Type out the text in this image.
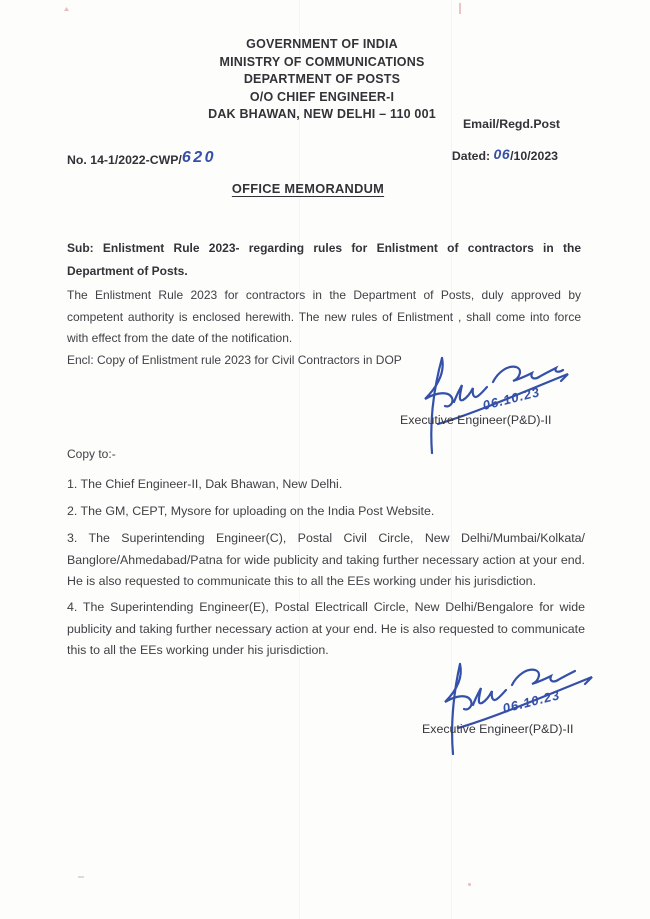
GOVERNMENT OF INDIA
MINISTRY OF COMMUNICATIONS
DEPARTMENT OF POSTS
O/O CHIEF ENGINEER-I
DAK BHAWAN, NEW DELHI – 110 001
Email/Regd.Post
No. 14-1/2022-CWP/620	Dated: 06/10/2023
OFFICE MEMORANDUM
Sub: Enlistment Rule 2023- regarding rules for Enlistment of contractors in the Department of Posts.
The Enlistment Rule 2023 for contractors in the Department of Posts, duly approved by competent authority is enclosed herewith. The new rules of Enlistment , shall come into force with effect from the date of the notification.
Encl: Copy of Enlistment rule 2023 for Civil Contractors in DOP
06.10.23
Executive Engineer(P&D)-II
Copy to:-
1. The Chief Engineer-II, Dak Bhawan, New Delhi.
2. The GM, CEPT, Mysore for uploading on the India Post Website.
3. The Superintending Engineer(C), Postal Civil Circle, New Delhi/Mumbai/Kolkata/ Banglore/Ahmedabad/Patna for wide publicity and taking further necessary action at your end. He is also requested to communicate this to all the EEs working under his jurisdiction.
4. The Superintending Engineer(E), Postal Electricall Circle, New Delhi/Bengalore for wide publicity and taking further necessary action at your end. He is also requested to communicate this to all the EEs working under his jurisdiction.
06.10.23
Executive Engineer(P&D)-II
